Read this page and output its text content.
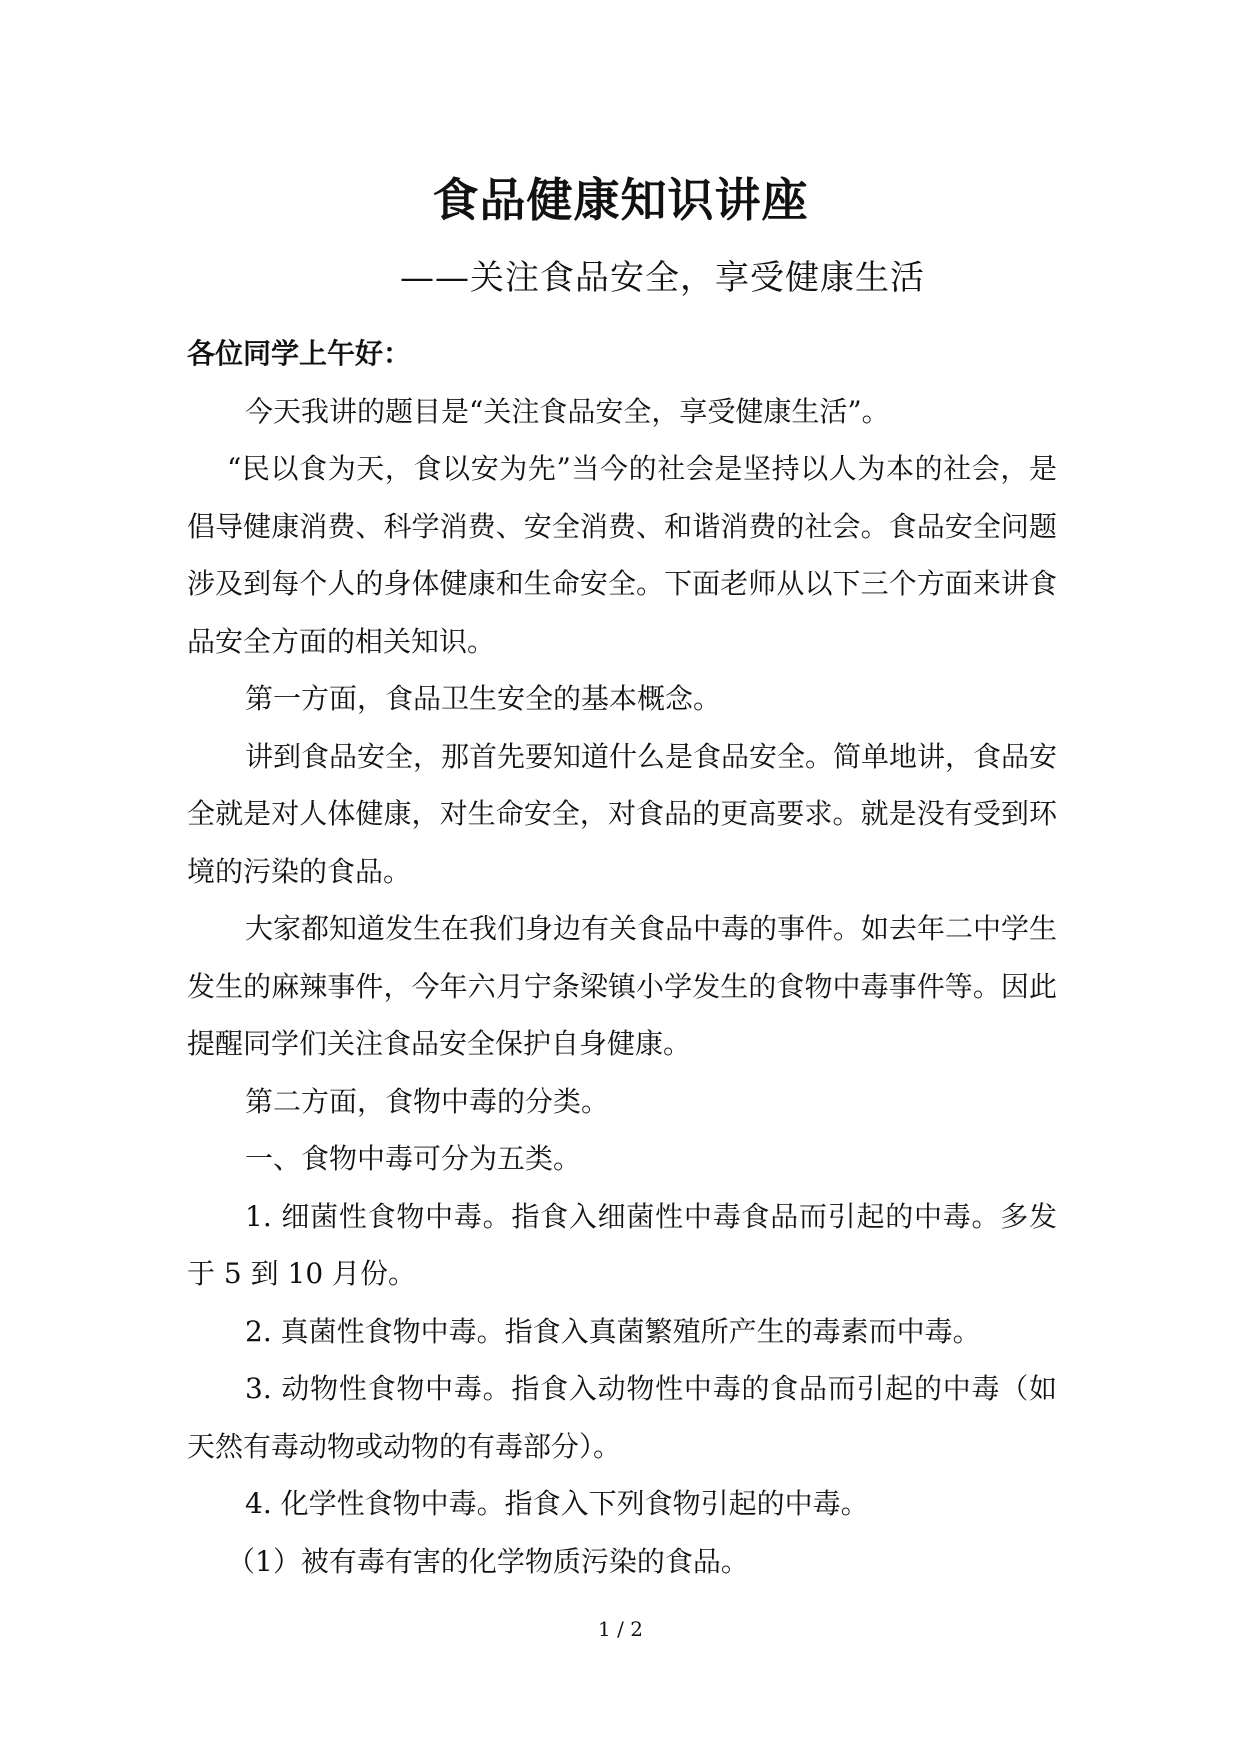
食品健康知识讲座
——关注食品安全，享受健康生活

各位同学上午好：

今天我讲的题目是“关注食品安全，享受健康生活”。

“民以食为天，食以安为先”当今的社会是坚持以人为本的社会，是倡导健康消费、科学消费、安全消费、和谐消费的社会。食品安全问题涉及到每个人的身体健康和生命安全。下面老师从以下三个方面来讲食品安全方面的相关知识。

第一方面，食品卫生安全的基本概念。

讲到食品安全，那首先要知道什么是食品安全。简单地讲，食品安全就是对人体健康，对生命安全，对食品的更高要求。就是没有受到环境的污染的食品。

大家都知道发生在我们身边有关食品中毒的事件。如去年二中学生发生的麻辣事件，今年六月宁条梁镇小学发生的食物中毒事件等。因此提醒同学们关注食品安全保护自身健康。

第二方面，食物中毒的分类。

一、食物中毒可分为五类。

1. 细菌性食物中毒。指食入细菌性中毒食品而引起的中毒。多发于 5 到 10 月份。

2. 真菌性食物中毒。指食入真菌繁殖所产生的毒素而中毒。

3. 动物性食物中毒。指食入动物性中毒的食品而引起的中毒（如天然有毒动物或动物的有毒部分）。

4. 化学性食物中毒。指食入下列食物引起的中毒。

（1）被有毒有害的化学物质污染的食品。

1 / 2
